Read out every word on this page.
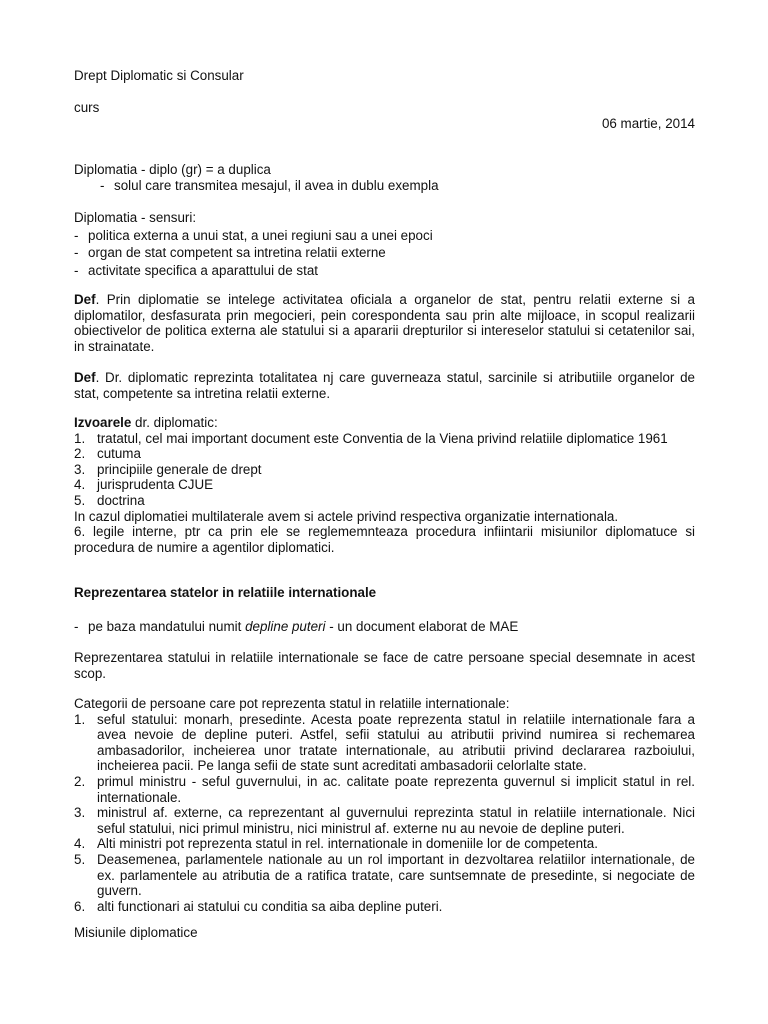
Drept Diplomatic si Consular

curs

06 martie, 2014

Diplomatia - diplo (gr) = a duplica
- solul care transmitea mesajul, il avea in dublu exempla
Diplomatia - sensuri:
- politica externa a unui stat, a unei regiuni sau a unei epoci
- organ de stat competent sa intretina relatii externe
- activitate specifica a aparattului de stat

Def. Prin diplomatie se intelege activitatea oficiala a organelor de stat, pentru relatii externe si a diplomatilor, desfasurata prin megocieri, pein corespondenta sau prin alte mijloace, in scopul realizarii obiectivelor de politica externa ale statului si a apararii drepturilor si intereselor statului si cetatenilor sai, in strainatate.

Def. Dr. diplomatic reprezinta totalitatea nj care guverneaza statul, sarcinile si atributiile organelor de stat, competente sa intretina relatii externe.

Izvoarele dr. diplomatic:
1. tratatul, cel mai important document este Conventia de la Viena privind relatiile diplomatice 1961
2. cutuma
3. principiile generale de drept
4. jurisprudenta CJUE
5. doctrina
In cazul diplomatiei multilaterale avem si actele privind respectiva organizatie internationala.
6. legile interne, ptr ca prin ele se reglememnteaza procedura infiintarii misiunilor diplomatuce si procedura de numire a agentilor diplomatici.

Reprezentarea statelor in relatiile internationale

- pe baza mandatului numit depline puteri - un document elaborat de MAE

Reprezentarea statului in relatiile internationale se face de catre persoane special desemnate in acest scop.

Categorii de persoane care pot reprezenta statul in relatiile internationale:
1. seful statului: monarh, presedinte. Acesta poate reprezenta statul in relatiile internationale fara a avea nevoie de depline puteri. Astfel, sefii statului au atributii privind numirea si rechemarea ambasadorilor, incheierea unor tratate internationale, au atributii privind declararea razboiului, incheierea pacii. Pe langa sefii de state sunt acreditati ambasadorii celorlalte state.
2. primul ministru - seful guvernului, in ac. calitate poate reprezenta guvernul si implicit statul in rel. internationale.
3. ministrul af. externe, ca reprezentant al guvernului reprezinta statul in relatiile internationale. Nici seful statului, nici primul ministru, nici ministrul af. externe nu au nevoie de depline puteri.
4. Alti ministri pot reprezenta statul in rel. internationale in domeniile lor de competenta.
5. Deasemenea, parlamentele nationale au un rol important in dezvoltarea relatiilor internationale, de ex. parlamentele au atributia de a ratifica tratate, care suntsemnate de presedinte, si negociate de guvern.
6. alti functionari ai statului cu conditia sa aiba depline puteri.

Misiunile diplomatice
